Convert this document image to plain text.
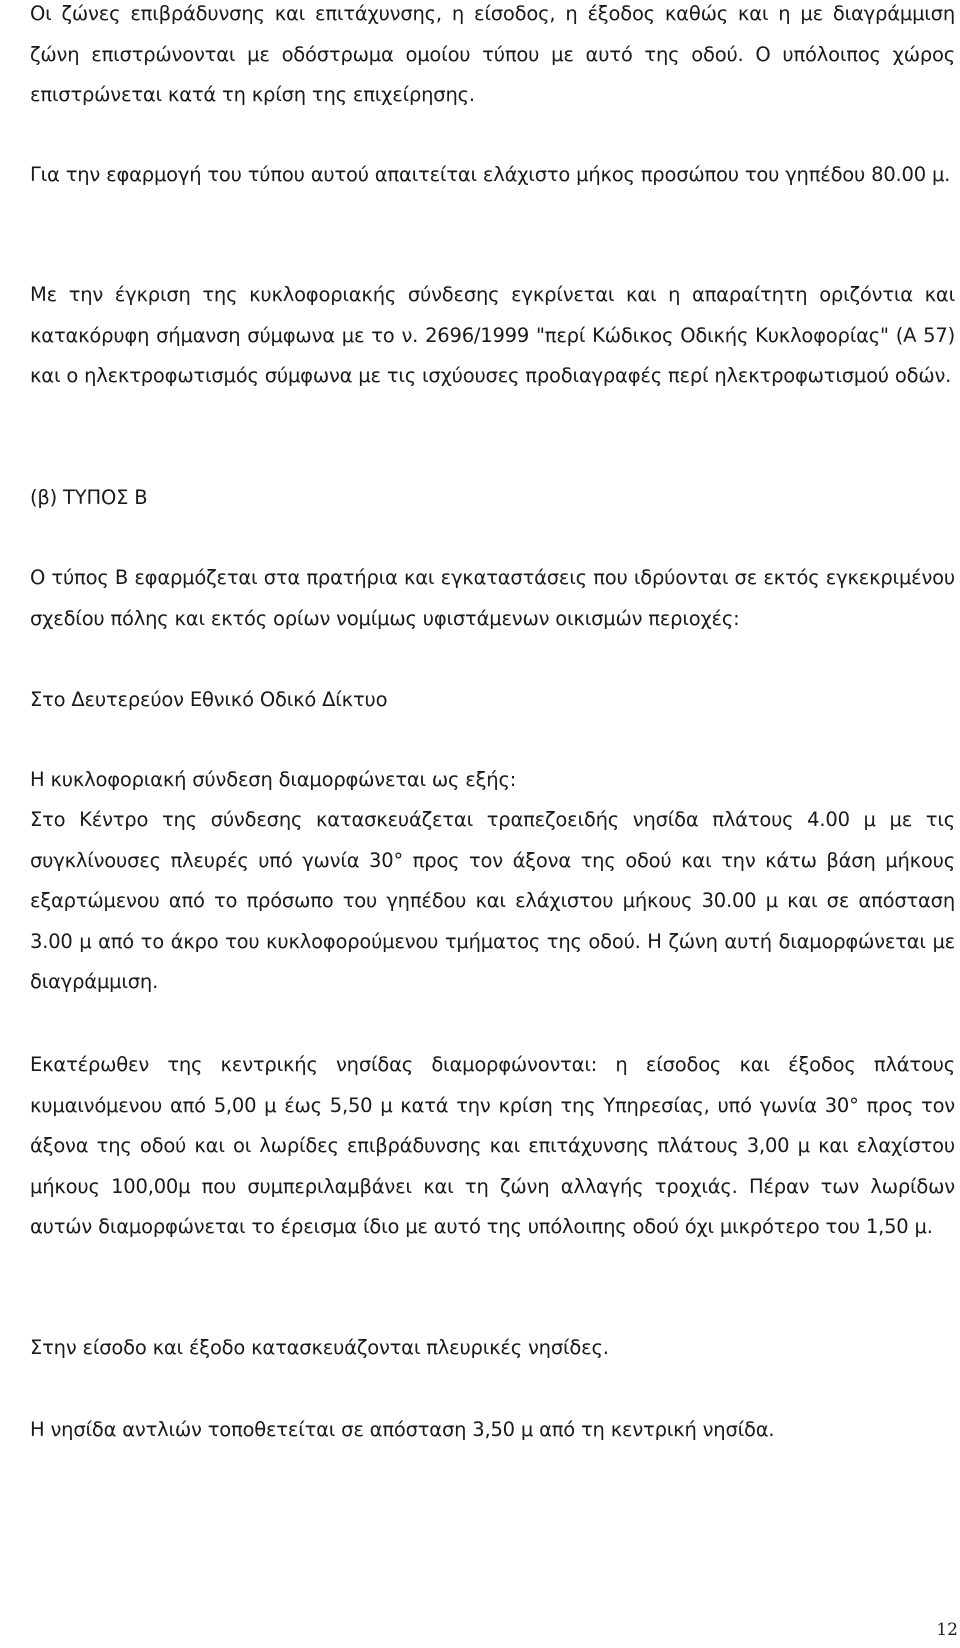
Οι ζώνες επιβράδυνσης και επιτάχυνσης, η είσοδος, η έξοδος καθώς και η με διαγράμμιση ζώνη επιστρώνονται με οδόστρωμα ομοίου τύπου με αυτό της οδού. Ο υπόλοιπος χώρος επιστρώνεται κατά τη κρίση της επιχείρησης.

Για την εφαρμογή του τύπου αυτού απαιτείται ελάχιστο μήκος προσώπου του γηπέδου 80.00 μ.

Με την έγκριση της κυκλοφοριακής σύνδεσης εγκρίνεται και η απαραίτητη οριζόντια και κατακόρυφη σήμανση σύμφωνα με το ν. 2696/1999 "περί Κώδικος Οδικής Κυκλοφορίας" (Α 57) και ο ηλεκτροφωτισμός σύμφωνα με τις ισχύουσες προδιαγραφές περί ηλεκτροφωτισμού οδών.

(β) ΤΥΠΟΣ Β

Ο τύπος Β εφαρμόζεται στα πρατήρια και εγκαταστάσεις που ιδρύονται σε εκτός εγκεκριμένου σχεδίου πόλης και εκτός ορίων νομίμως υφιστάμενων οικισμών περιοχές:

Στο Δευτερεύον Εθνικό Οδικό Δίκτυο

Η κυκλοφοριακή σύνδεση διαμορφώνεται ως εξής:

Στο Κέντρο της σύνδεσης κατασκευάζεται τραπεζοειδής νησίδα πλάτους 4.00 μ με τις συγκλίνουσες πλευρές υπό γωνία 30° προς τον άξονα της οδού και την κάτω βάση μήκους εξαρτώμενου από το πρόσωπο του γηπέδου και ελάχιστου μήκους 30.00 μ και σε απόσταση 3.00 μ από το άκρο του κυκλοφορούμενου τμήματος της οδού. Η ζώνη αυτή διαμορφώνεται με διαγράμμιση.

Εκατέρωθεν της κεντρικής νησίδας διαμορφώνονται: η είσοδος και έξοδος πλάτους κυμαινόμενου από 5,00 μ έως 5,50 μ κατά την κρίση της Υπηρεσίας, υπό γωνία 30° προς τον άξονα της οδού και οι λωρίδες επιβράδυνσης και επιτάχυνσης πλάτους 3,00 μ και ελαχίστου μήκους 100,00μ που συμπεριλαμβάνει και τη ζώνη αλλαγής τροχιάς. Πέραν των λωρίδων αυτών διαμορφώνεται το έρεισμα ίδιο με αυτό της υπόλοιπης οδού όχι μικρότερο του 1,50 μ.

Στην είσοδο και έξοδο κατασκευάζονται πλευρικές νησίδες.

Η νησίδα αντλιών τοποθετείται σε απόσταση 3,50 μ από τη κεντρική νησίδα.

12
